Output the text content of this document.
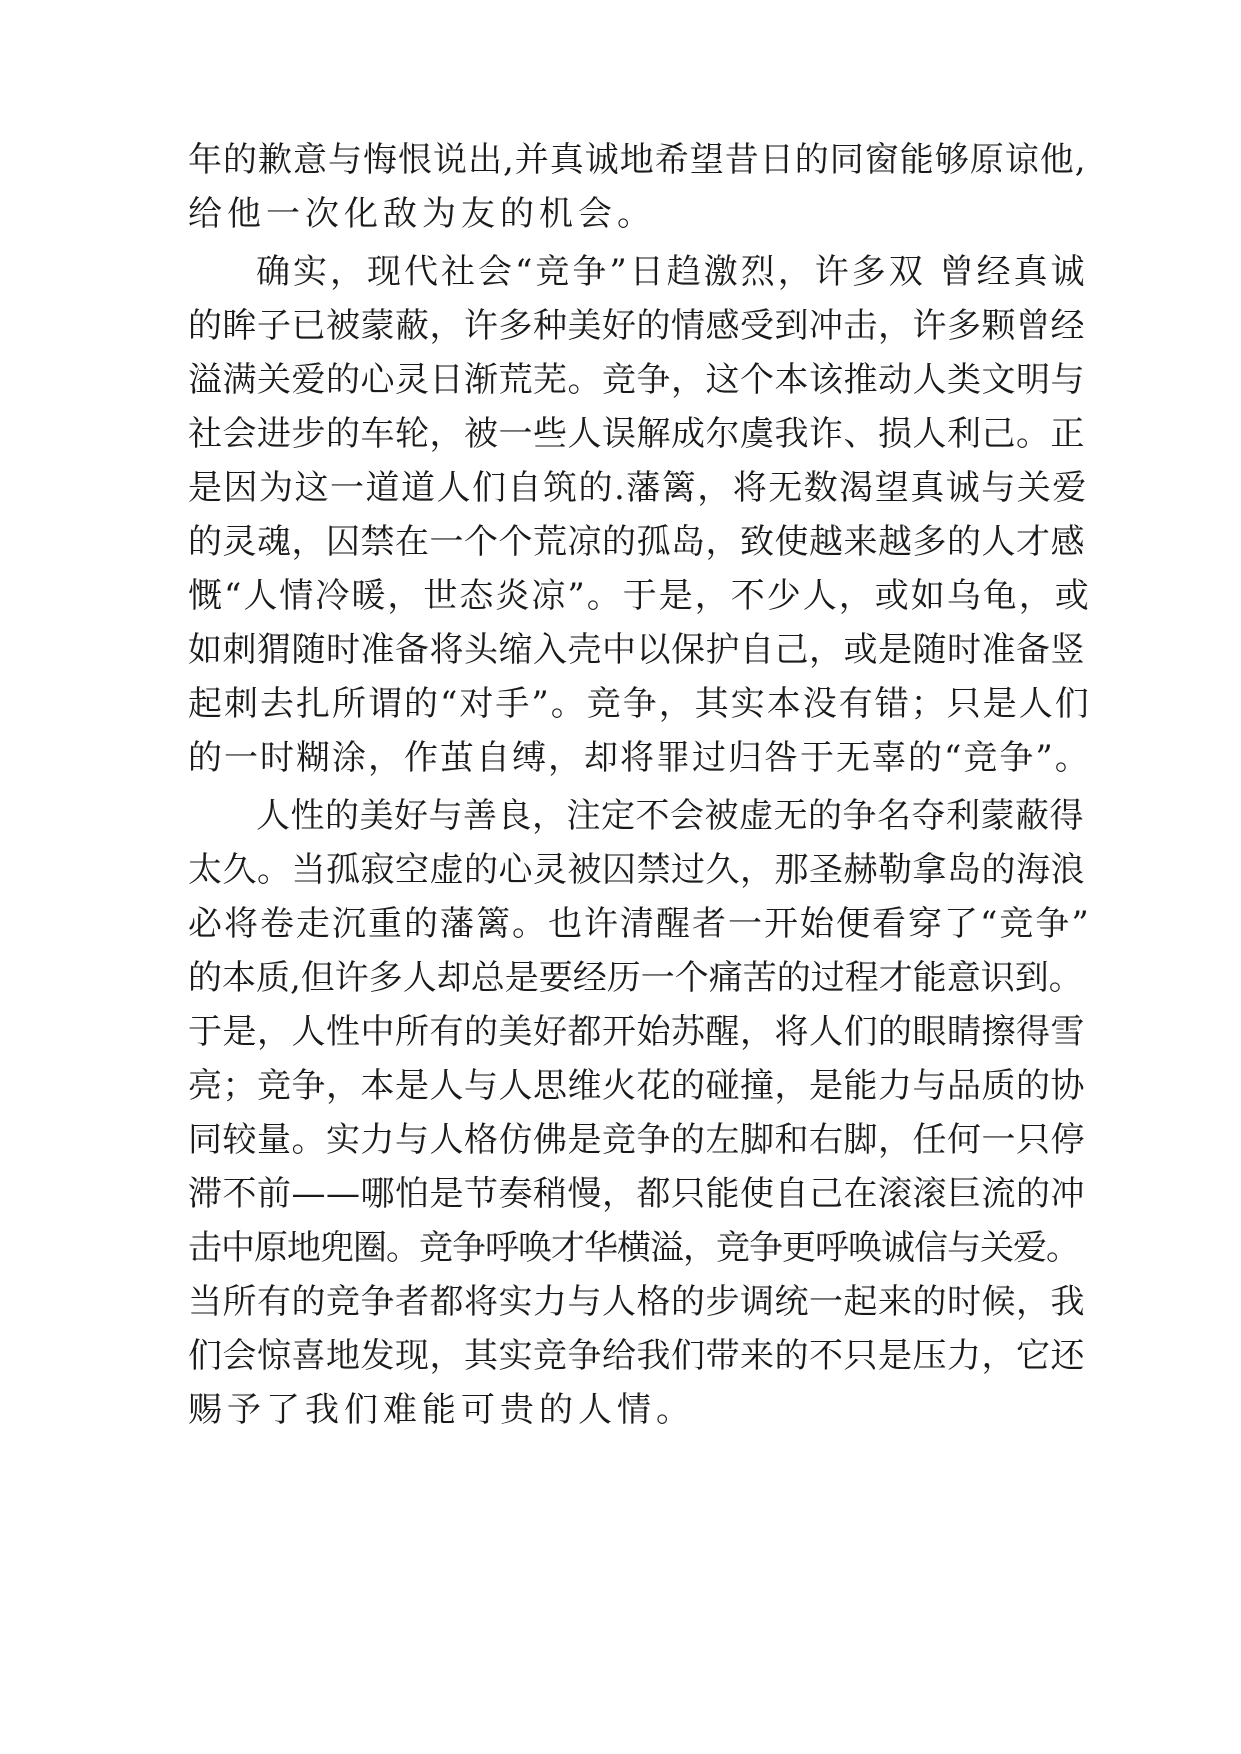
年的歉意与悔恨说出,并真诚地希望昔日的同窗能够原谅他,
给他一次化敌为友的机会。
确实，现代社会“竞争”日趋激烈，许多双 曾经真诚
的眸子已被蒙蔽，许多种美好的情感受到冲击，许多颗曾经
溢满关爱的心灵日渐荒芜。竞争，这个本该推动人类文明与
社会进步的车轮，被一些人误解成尔虞我诈、损人利己。正
是因为这一道道人们自筑的.藩篱，将无数渴望真诚与关爱
的灵魂，囚禁在一个个荒凉的孤岛，致使越来越多的人才感
慨“人情冷暖，世态炎凉”。于是，不少人，或如乌龟，或
如刺猬随时准备将头缩入壳中以保护自己，或是随时准备竖
起刺去扎所谓的“对手”。竞争，其实本没有错；只是人们
的一时糊涂，作茧自缚，却将罪过归咎于无辜的“竞争”。
人性的美好与善良，注定不会被虚无的争名夺利蒙蔽得
太久。当孤寂空虚的心灵被囚禁过久，那圣赫勒拿岛的海浪
必将卷走沉重的藩篱。也许清醒者一开始便看穿了“竞争”
的本质,但许多人却总是要经历一个痛苦的过程才能意识到。
于是，人性中所有的美好都开始苏醒，将人们的眼睛擦得雪
亮；竞争，本是人与人思维火花的碰撞，是能力与品质的协
同较量。实力与人格仿佛是竞争的左脚和右脚，任何一只停
滞不前——哪怕是节奏稍慢，都只能使自己在滚滚巨流的冲
击中原地兜圈。竞争呼唤才华横溢，竞争更呼唤诚信与关爱。
当所有的竞争者都将实力与人格的步调统一起来的时候，我
们会惊喜地发现，其实竞争给我们带来的不只是压力，它还
赐予了我们难能可贵的人情。
